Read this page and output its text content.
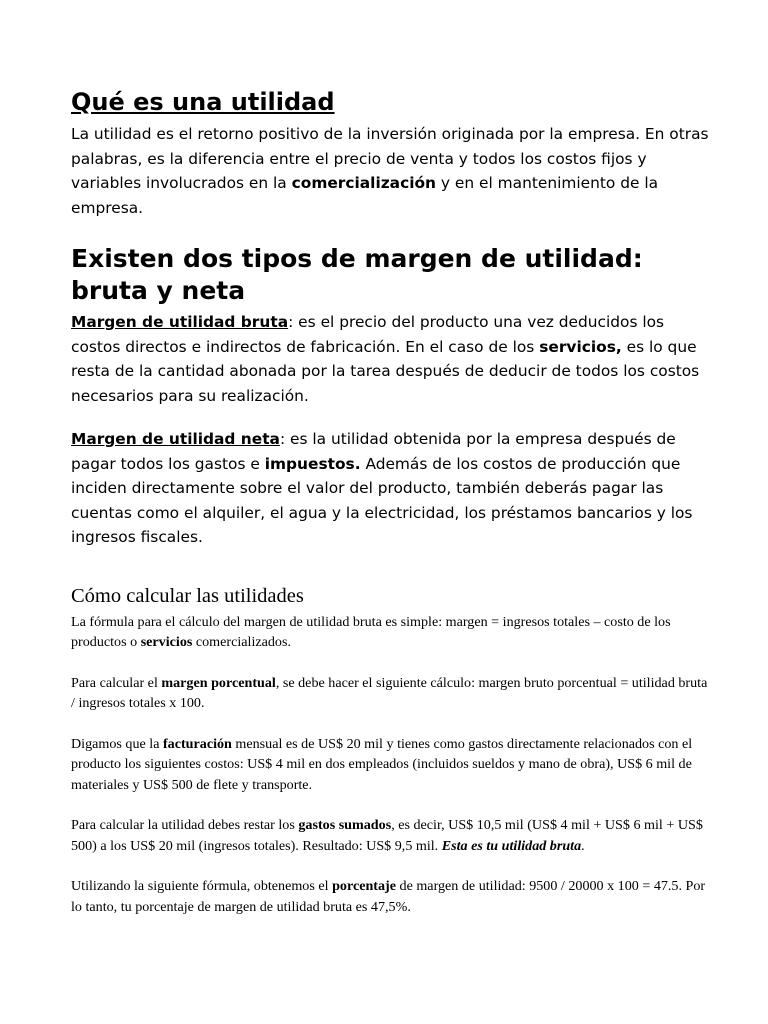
Qué es una utilidad

La utilidad es el retorno positivo de la inversión originada por la empresa. En otras palabras, es la diferencia entre el precio de venta y todos los costos fijos y variables involucrados en la comercialización y en el mantenimiento de la empresa.

Existen dos tipos de margen de utilidad: bruta y neta

Margen de utilidad bruta: es el precio del producto una vez deducidos los costos directos e indirectos de fabricación. En el caso de los servicios, es lo que resta de la cantidad abonada por la tarea después de deducir de todos los costos necesarios para su realización.

Margen de utilidad neta: es la utilidad obtenida por la empresa después de pagar todos los gastos e impuestos. Además de los costos de producción que inciden directamente sobre el valor del producto, también deberás pagar las cuentas como el alquiler, el agua y la electricidad, los préstamos bancarios y los ingresos fiscales.

Cómo calcular las utilidades

La fórmula para el cálculo del margen de utilidad bruta es simple: margen = ingresos totales – costo de los productos o servicios comercializados.

Para calcular el margen porcentual, se debe hacer el siguiente cálculo: margen bruto porcentual = utilidad bruta / ingresos totales x 100.

Digamos que la facturación mensual es de US$ 20 mil y tienes como gastos directamente relacionados con el producto los siguientes costos: US$ 4 mil en dos empleados (incluidos sueldos y mano de obra), US$ 6 mil de materiales y US$ 500 de flete y transporte.

Para calcular la utilidad debes restar los gastos sumados, es decir, US$ 10,5 mil (US$ 4 mil + US$ 6 mil + US$ 500) a los US$ 20 mil (ingresos totales). Resultado: US$ 9,5 mil. Esta es tu utilidad bruta.

Utilizando la siguiente fórmula, obtenemos el porcentaje de margen de utilidad: 9500 / 20000 x 100 = 47.5. Por lo tanto, tu porcentaje de margen de utilidad bruta es 47,5%.
